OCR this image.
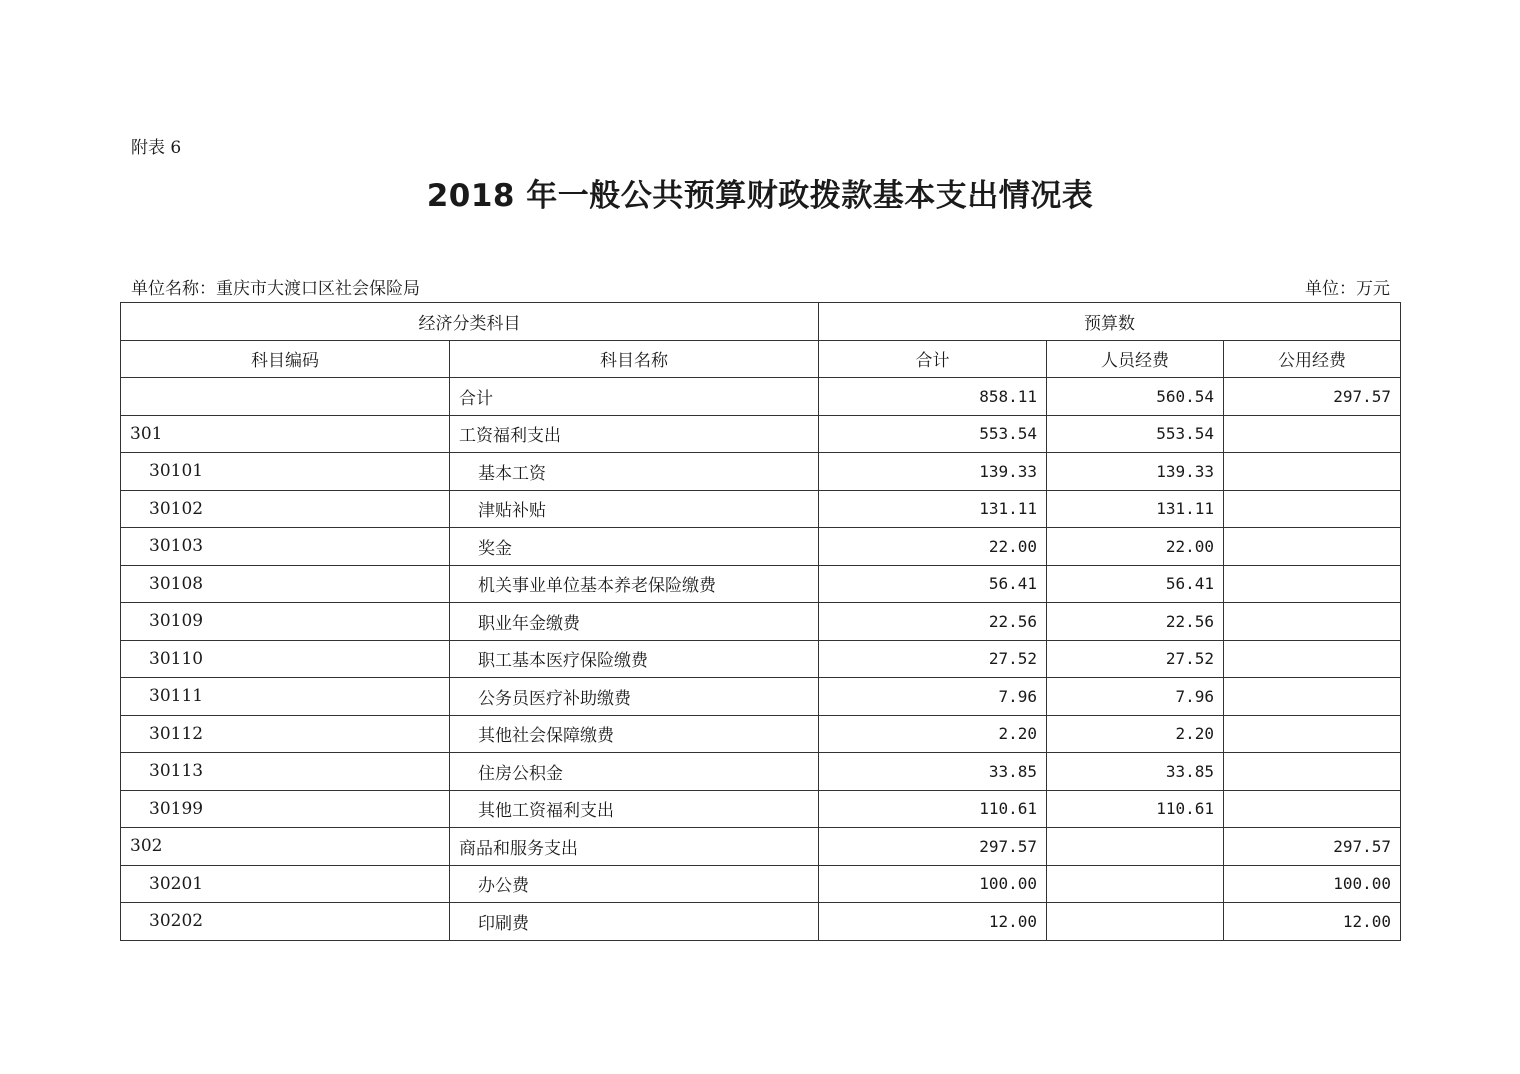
附表 6
2018 年一般公共预算财政拨款基本支出情况表
单位名称：重庆市大渡口区社会保险局	单位：万元
经济分类科目		预算数		
科目编码	科目名称	合计	人员经费	公用经费
	合计	858.11	560.54	297.57
301	工资福利支出	553.54	553.54	
30101	基本工资	139.33	139.33	
30102	津贴补贴	131.11	131.11	
30103	奖金	22.00	22.00	
30108	机关事业单位基本养老保险缴费	56.41	56.41	
30109	职业年金缴费	22.56	22.56	
30110	职工基本医疗保险缴费	27.52	27.52	
30111	公务员医疗补助缴费	7.96	7.96	
30112	其他社会保障缴费	2.20	2.20	
30113	住房公积金	33.85	33.85	
30199	其他工资福利支出	110.61	110.61	
302	商品和服务支出	297.57		297.57
30201	办公费	100.00		100.00
30202	印刷费	12.00		12.00
